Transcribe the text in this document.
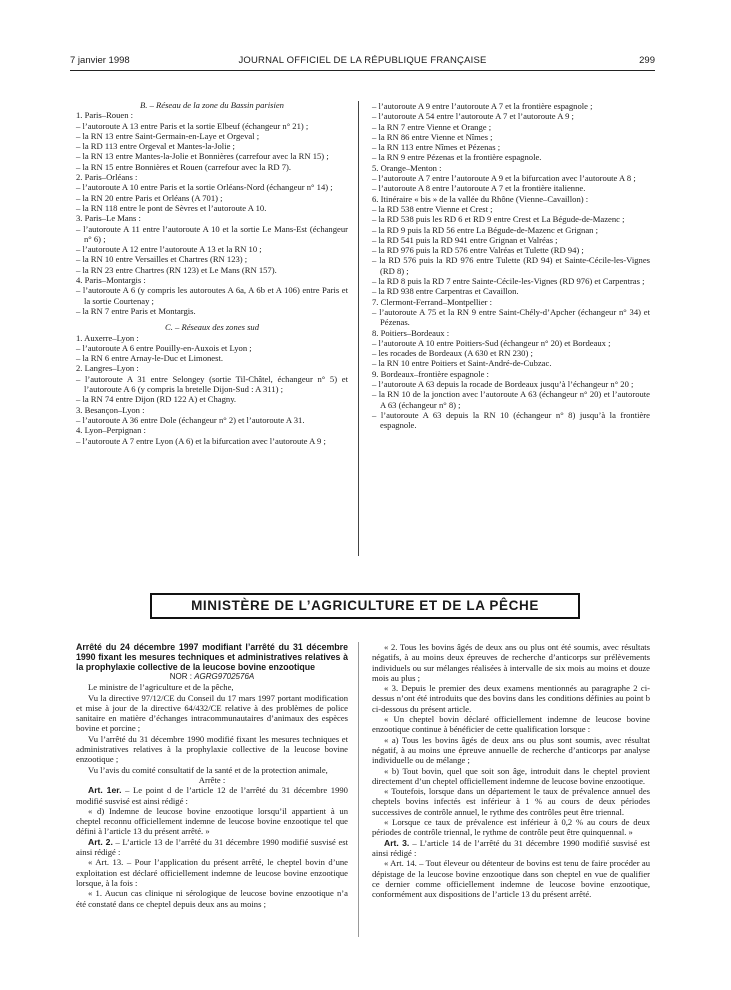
7 janvier 1998	JOURNAL OFFICIEL DE LA RÉPUBLIQUE FRANÇAISE	299

B. – Réseau de la zone du Bassin parisien

1. Paris–Rouen :

– l’autoroute A 13 entre Paris et la sortie Elbeuf (échangeur n° 21) ;

– la RN 13 entre Saint-Germain-en-Laye et Orgeval ;

– la RD 113 entre Orgeval et Mantes-la-Jolie ;

– la RN 13 entre Mantes-la-Jolie et Bonnières (carrefour avec la RN 15) ;

– la RN 15 entre Bonnières et Rouen (carrefour avec la RD 7).

2. Paris–Orléans :

– l’autoroute A 10 entre Paris et la sortie Orléans-Nord (échangeur n° 14) ;

– la RN 20 entre Paris et Orléans (A 701) ;

– la RN 118 entre le pont de Sèvres et l’autoroute A 10.

3. Paris–Le Mans :

– l’autoroute A 11 entre l’autoroute A 10 et la sortie Le Mans-Est (échangeur n° 6) ;

– l’autoroute A 12 entre l’autoroute A 13 et la RN 10 ;

– la RN 10 entre Versailles et Chartres (RN 123) ;

– la RN 23 entre Chartres (RN 123) et Le Mans (RN 157).

4. Paris–Montargis :

– l’autoroute A 6 (y compris les autoroutes A 6a, A 6b et A 106) entre Paris et la sortie Courtenay ;

– la RN 7 entre Paris et Montargis.

C. – Réseaux des zones sud

1. Auxerre–Lyon :

– l’autoroute A 6 entre Pouilly-en-Auxois et Lyon ;

– la RN 6 entre Arnay-le-Duc et Limonest.

2. Langres–Lyon :

– l’autoroute A 31 entre Selongey (sortie Til-Châtel, échangeur n° 5) et l’autoroute A 6 (y compris la bretelle Dijon-Sud : A 311) ;

– la RN 74 entre Dijon (RD 122 A) et Chagny.

3. Besançon–Lyon :

– l’autoroute A 36 entre Dole (échangeur n° 2) et l’autoroute A 31.

4. Lyon–Perpignan :

– l’autoroute A 7 entre Lyon (A 6) et la bifurcation avec l’autoroute A 9 ;

– l’autoroute A 9 entre l’autoroute A 7 et la frontière espagnole ;

– l’autoroute A 54 entre l’autoroute A 7 et l’autoroute A 9 ;

– la RN 7 entre Vienne et Orange ;

– la RN 86 entre Vienne et Nîmes ;

– la RN 113 entre Nîmes et Pézenas ;

– la RN 9 entre Pézenas et la frontière espagnole.

5. Orange–Menton :

– l’autoroute A 7 entre l’autoroute A 9 et la bifurcation avec l’autoroute A 8 ;

– l’autoroute A 8 entre l’autoroute A 7 et la frontière italienne.

6. Itinéraire « bis » de la vallée du Rhône (Vienne–Cavaillon) :

– la RD 538 entre Vienne et Crest ;

– la RD 538 puis les RD 6 et RD 9 entre Crest et La Bégude-de-Mazenc ;

– la RD 9 puis la RD 56 entre La Bégude-de-Mazenc et Grignan ;

– la RD 541 puis la RD 941 entre Grignan et Valréas ;

– la RD 976 puis la RD 576 entre Valréas et Tulette (RD 94) ;

– la RD 576 puis la RD 976 entre Tulette (RD 94) et Sainte-Cécile-les-Vignes (RD 8) ;

– la RD 8 puis la RD 7 entre Sainte-Cécile-les-Vignes (RD 976) et Carpentras ;

– la RD 938 entre Carpentras et Cavaillon.

7. Clermont-Ferrand–Montpellier :

– l’autoroute A 75 et la RN 9 entre Saint-Chély-d’Apcher (échangeur n° 34) et Pézenas.

8. Poitiers–Bordeaux :

– l’autoroute A 10 entre Poitiers-Sud (échangeur n° 20) et Bordeaux ;

– les rocades de Bordeaux (A 630 et RN 230) ;

– la RN 10 entre Poitiers et Saint-André-de-Cubzac.

9. Bordeaux–frontière espagnole :

– l’autoroute A 63 depuis la rocade de Bordeaux jusqu’à l’échangeur n° 20 ;

– la RN 10 de la jonction avec l’autoroute A 63 (échangeur n° 20) et l’autoroute A 63 (échangeur n° 8) ;

– l’autoroute A 63 depuis la RN 10 (échangeur n° 8) jusqu’à la frontière espagnole.

MINISTÈRE DE L’AGRICULTURE ET DE LA PÊCHE

Arrêté du 24 décembre 1997 modifiant l’arrêté du 31 décembre 1990 fixant les mesures techniques et administratives relatives à la prophylaxie collective de la leucose bovine enzootique

NOR : AGRG9702576A

Le ministre de l’agriculture et de la pêche,

Vu la directive 97/12/CE du Conseil du 17 mars 1997 portant modification et mise à jour de la directive 64/432/CE relative à des problèmes de police sanitaire en matière d’échanges intracommunautaires d’animaux des espèces bovine et porcine ;

Vu l’arrêté du 31 décembre 1990 modifié fixant les mesures techniques et administratives relatives à la prophylaxie collective de la leucose bovine enzootique ;

Vu l’avis du comité consultatif de la santé et de la protection animale,

Arrête :

Art. 1er. – Le point d de l’article 12 de l’arrêté du 31 décembre 1990 modifié susvisé est ainsi rédigé :

« d) Indemne de leucose bovine enzootique lorsqu’il appartient à un cheptel reconnu officiellement indemne de leucose bovine enzootique tel que défini à l’article 13 du présent arrêté. »

Art. 2. – L’article 13 de l’arrêté du 31 décembre 1990 modifié susvisé est ainsi rédigé :

« Art. 13. – Pour l’application du présent arrêté, le cheptel bovin d’une exploitation est déclaré officiellement indemne de leucose bovine enzootique lorsque, à la fois :

« 1. Aucun cas clinique ni sérologique de leucose bovine enzootique n’a été constaté dans ce cheptel depuis deux ans au moins ;

« 2. Tous les bovins âgés de deux ans ou plus ont été soumis, avec résultats négatifs, à au moins deux épreuves de recherche d’anticorps sur prélèvements individuels ou sur mélanges réalisées à intervalle de six mois au moins et douze mois au plus ;

« 3. Depuis le premier des deux examens mentionnés au paragraphe 2 ci-dessus n’ont été introduits que des bovins dans les conditions définies au point b ci-dessous du présent article.

« Un cheptel bovin déclaré officiellement indemne de leucose bovine enzootique continue à bénéficier de cette qualification lorsque :

« a) Tous les bovins âgés de deux ans ou plus sont soumis, avec résultat négatif, à au moins une épreuve annuelle de recherche d’anticorps par analyse individuelle ou de mélange ;

« b) Tout bovin, quel que soit son âge, introduit dans le cheptel provient directement d’un cheptel officiellement indemne de leucose bovine enzootique.

« Toutefois, lorsque dans un département le taux de prévalence annuel des cheptels bovins infectés est inférieur à 1 % au cours de deux périodes successives de contrôle annuel, le rythme des contrôles peut être triennal.

« Lorsque ce taux de prévalence est inférieur à 0,2 % au cours de deux périodes de contrôle triennal, le rythme de contrôle peut être quinquennal. »

Art. 3. – L’article 14 de l’arrêté du 31 décembre 1990 modifié susvisé est ainsi rédigé :

« Art. 14. – Tout éleveur ou détenteur de bovins est tenu de faire procéder au dépistage de la leucose bovine enzootique dans son cheptel en vue de qualifier ce dernier comme officiellement indemne de leucose bovine enzootique, conformément aux dispositions de l’article 13 du présent arrêté.
